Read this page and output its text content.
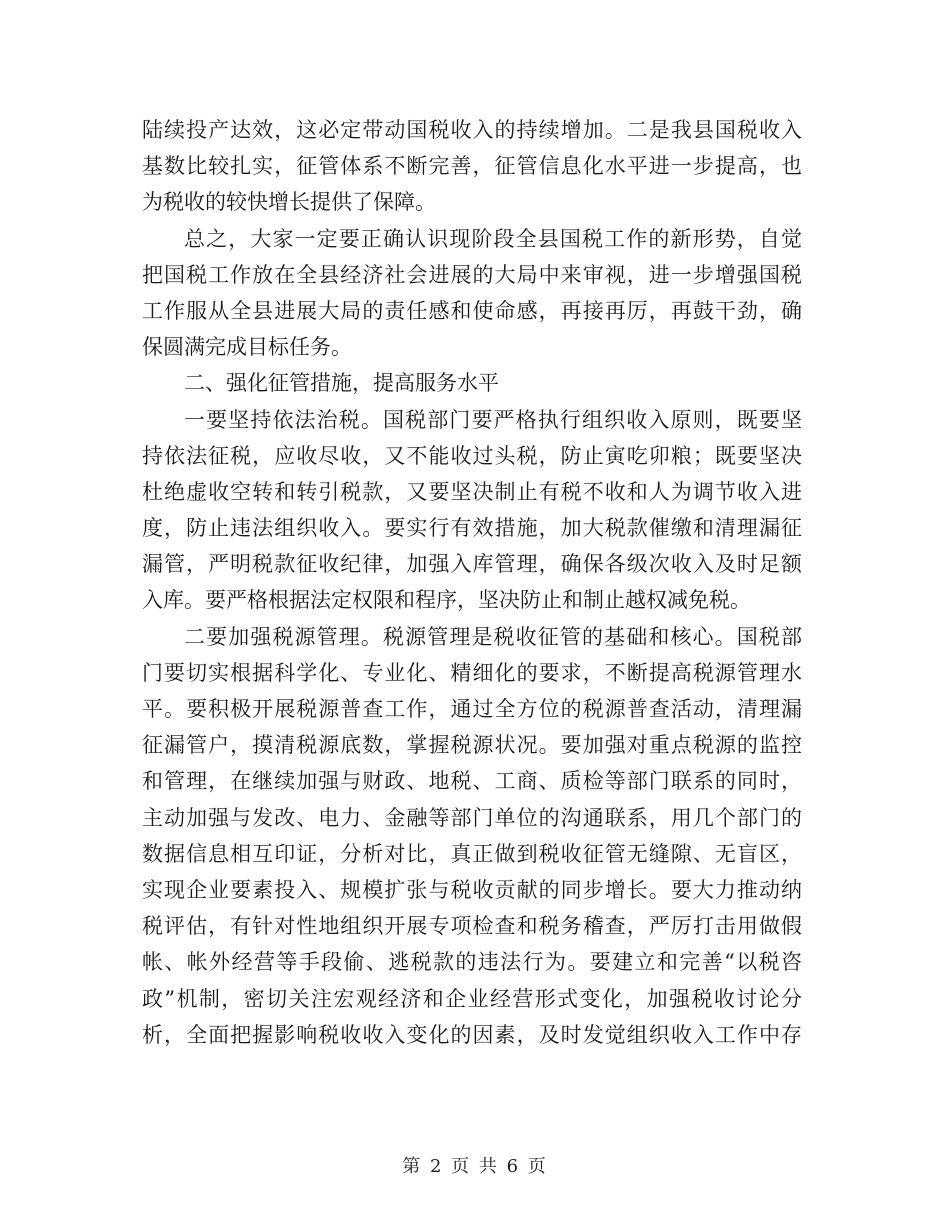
陆续投产达效，这必定带动国税收入的持续增加。二是我县国税收入
基数比较扎实，征管体系不断完善，征管信息化水平进一步提高，也
为税收的较快增长提供了保障。
总之，大家一定要正确认识现阶段全县国税工作的新形势，自觉
把国税工作放在全县经济社会进展的大局中来审视，进一步增强国税
工作服从全县进展大局的责任感和使命感，再接再厉，再鼓干劲，确
保圆满完成目标任务。
二、强化征管措施，提高服务水平
一要坚持依法治税。国税部门要严格执行组织收入原则，既要坚
持依法征税，应收尽收，又不能收过头税，防止寅吃卯粮；既要坚决
杜绝虚收空转和转引税款，又要坚决制止有税不收和人为调节收入进
度，防止违法组织收入。要实行有效措施，加大税款催缴和清理漏征
漏管，严明税款征收纪律，加强入库管理，确保各级次收入及时足额
入库。要严格根据法定权限和程序，坚决防止和制止越权减免税。
二要加强税源管理。税源管理是税收征管的基础和核心。国税部
门要切实根据科学化、专业化、精细化的要求，不断提高税源管理水
平。要积极开展税源普查工作，通过全方位的税源普查活动，清理漏
征漏管户，摸清税源底数，掌握税源状况。要加强对重点税源的监控
和管理，在继续加强与财政、地税、工商、质检等部门联系的同时，
主动加强与发改、电力、金融等部门单位的沟通联系，用几个部门的
数据信息相互印证，分析对比，真正做到税收征管无缝隙、无盲区，
实现企业要素投入、规模扩张与税收贡献的同步增长。要大力推动纳
税评估，有针对性地组织开展专项检查和税务稽查，严厉打击用做假
帐、帐外经营等手段偷、逃税款的违法行为。要建立和完善“以税咨
政”机制，密切关注宏观经济和企业经营形式变化，加强税收讨论分
析，全面把握影响税收收入变化的因素，及时发觉组织收入工作中存
第 2 页 共 6 页
